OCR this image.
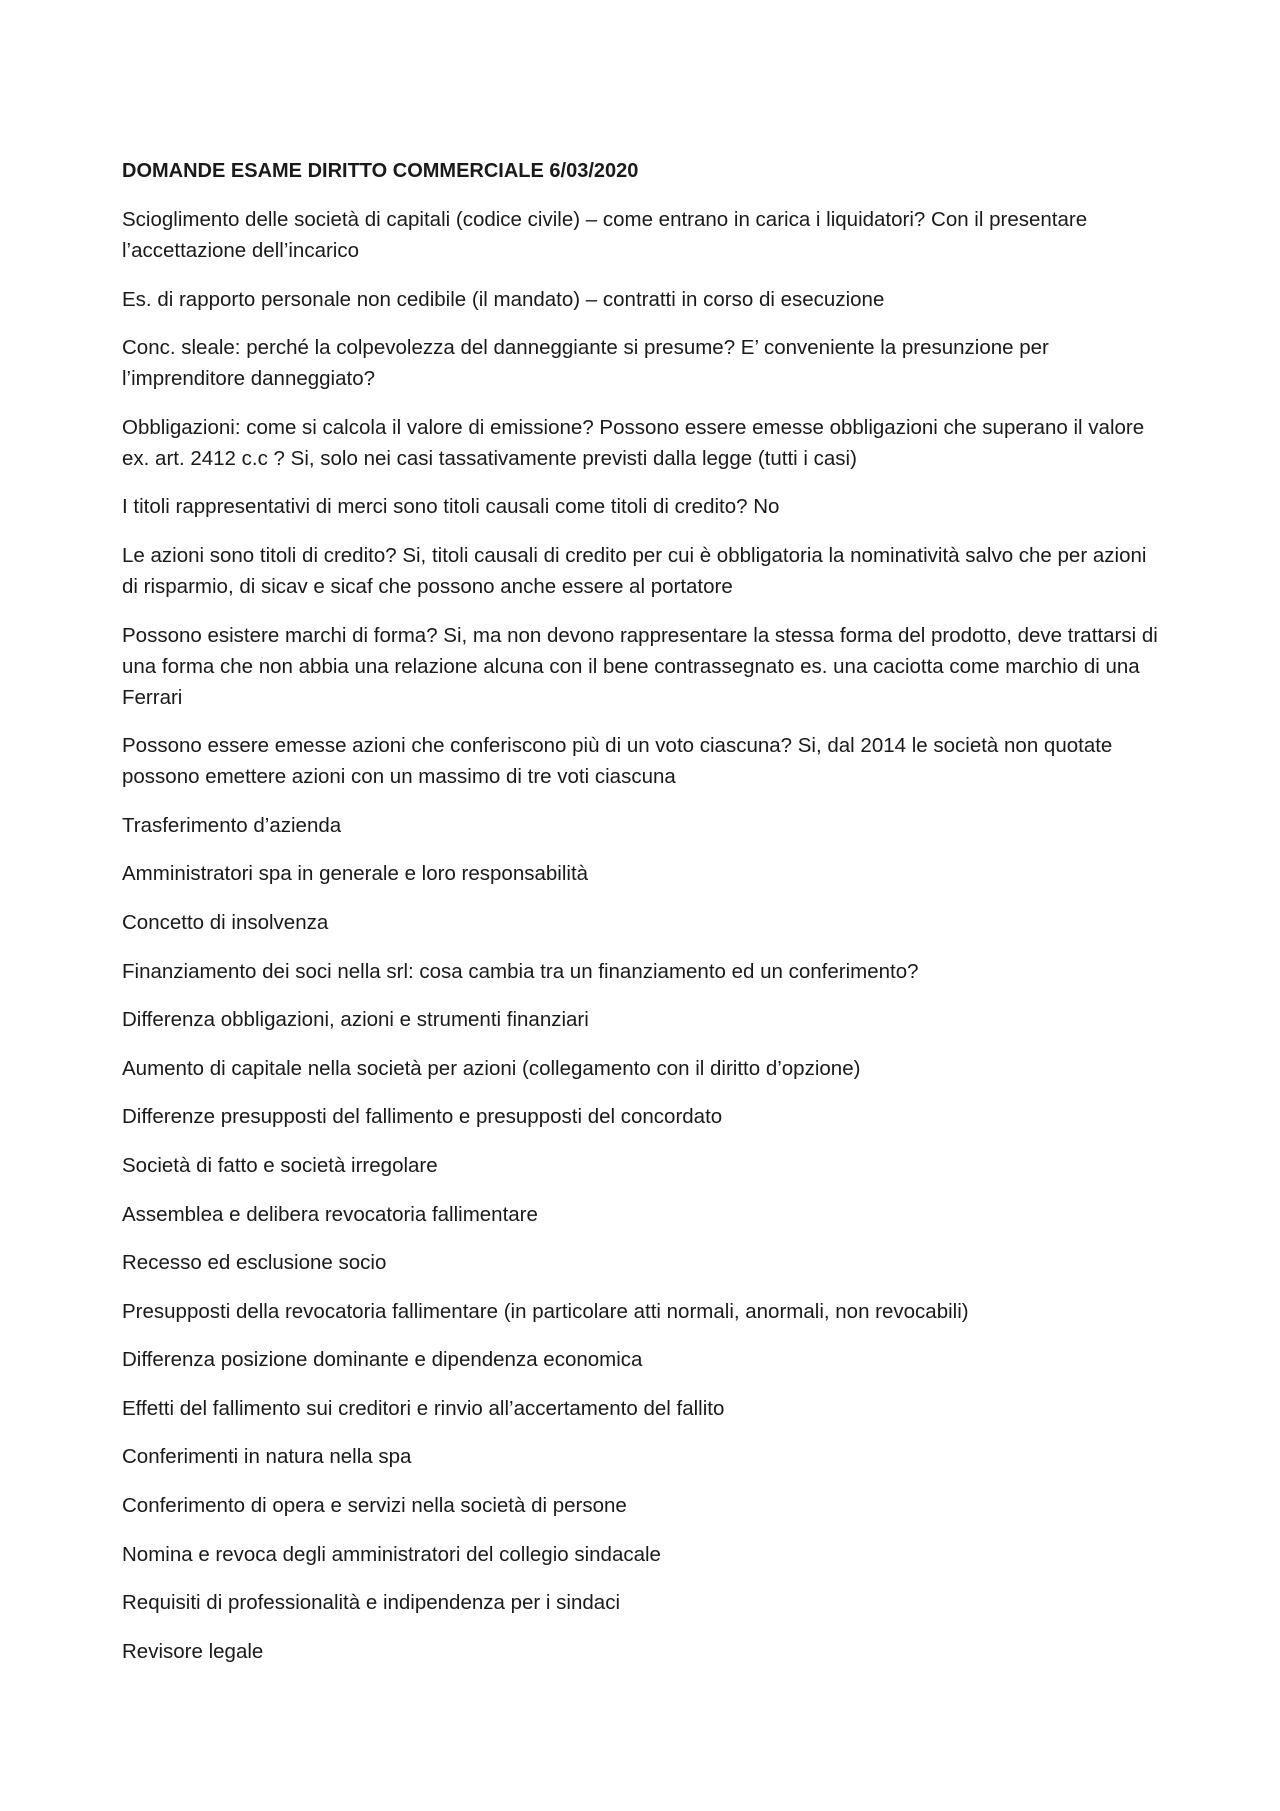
DOMANDE ESAME DIRITTO COMMERCIALE 6/03/2020

Scioglimento delle società di capitali (codice civile) – come entrano in carica i liquidatori? Con il presentare l’accettazione dell’incarico

Es. di rapporto personale non cedibile (il mandato) – contratti in corso di esecuzione

Conc. sleale: perché la colpevolezza del danneggiante si presume? E’ conveniente la presunzione per l’imprenditore danneggiato?

Obbligazioni: come si calcola il valore di emissione? Possono essere emesse obbligazioni che superano il valore ex. art. 2412 c.c ? Si, solo nei casi tassativamente previsti dalla legge (tutti i casi)

I titoli rappresentativi di merci sono titoli causali come titoli di credito? No

Le azioni sono titoli di credito? Si, titoli causali di credito per cui è obbligatoria la nominatività salvo che per azioni di risparmio, di sicav e sicaf che possono anche essere al portatore

Possono esistere marchi di forma? Si, ma non devono rappresentare la stessa forma del prodotto, deve trattarsi di una forma che non abbia una relazione alcuna con il bene contrassegnato es. una caciotta come marchio di una Ferrari

Possono essere emesse azioni che conferiscono più di un voto ciascuna? Si, dal 2014 le società non quotate possono emettere azioni con un massimo di tre voti ciascuna

Trasferimento d’azienda

Amministratori spa in generale e loro responsabilità

Concetto di insolvenza

Finanziamento dei soci nella srl: cosa cambia tra un finanziamento ed un conferimento?

Differenza obbligazioni, azioni e strumenti finanziari

Aumento di capitale nella società per azioni (collegamento con il diritto d’opzione)

Differenze presupposti del fallimento e presupposti del concordato

Società di fatto e società irregolare

Assemblea e delibera revocatoria fallimentare

Recesso ed esclusione socio

Presupposti della revocatoria fallimentare (in particolare atti normali, anormali, non revocabili)

Differenza posizione dominante e dipendenza economica

Effetti del fallimento sui creditori e rinvio all’accertamento del fallito

Conferimenti in natura nella spa

Conferimento di opera e servizi nella società di persone

Nomina e revoca degli amministratori del collegio sindacale

Requisiti di professionalità e indipendenza per i sindaci

Revisore legale
